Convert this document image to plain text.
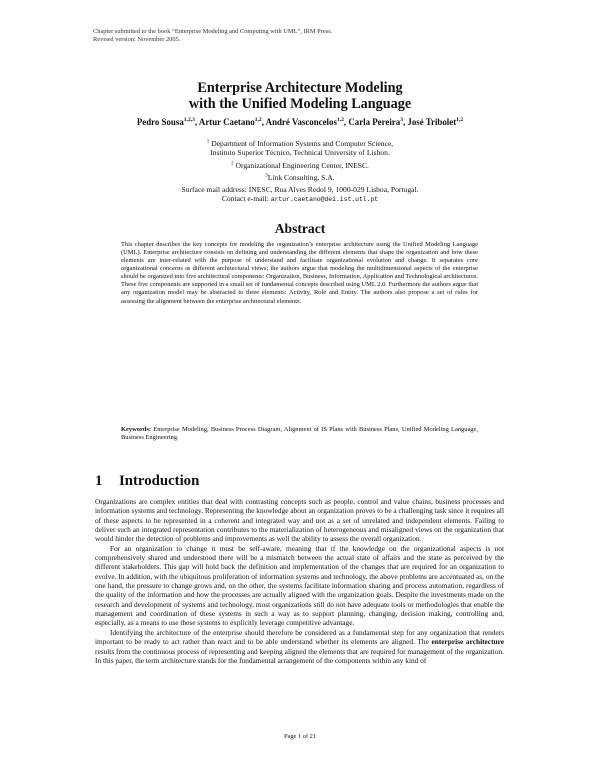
Chapter submitted to the book “Enterprise Modeling and Computing with UML”, IRM Press.
Revised version: November 2005.
Enterprise Architecture Modeling
with the Unified Modeling Language
Pedro Sousa$^{1,2,3}$, Artur Caetano$^{1,2}$, André Vasconcelos$^{1,2}$, Carla Pereira$^3$, José Tribolet$^{1,2}$
$^1$ Department of Information Systems and Computer Science,
Instituto Superior Técnico, Technical University of Lisbon.
$^2$ Organizational Engineering Center, INESC.
$^3$Link Consulting, S.A.
Surface mail address: INESC, Rua Alves Redol 9, 1000-029 Lisboa, Portugal.
Contact e-mail: artur.caetano@dei.ist.utl.pt
Abstract
This chapter describes the key concepts for modeling the organization’s enterprise architecture using the Unified Modeling Language (UML). Enterprise architecture consists on defining and understanding the different elements that shape the organization and how these elements are inter-related with the purpose of understand and facilitate organizational evolution and change. It separates core organizational concerns as different architectural views; the authors argue that modeling the multidimensional aspects of the enterprise should be organized into five architectural components: Organization, Business, Information, Application and Technological architectures. These five components are supported in a small set of fundamental concepts described using UML 2.0. Furthermore the authors argue that any organization model may be abstracted to three elements: Activity, Role and Entity. The authors also propose a set of rules for assessing the alignment between the enterprise architectural elements.
Keywords: Enterprise Modeling, Business Process Diagram, Alignment of IS Plans with Business Plans, Unified Modeling Language, Business Engineering.
1 Introduction

Organizations are complex entities that deal with contrasting concepts such as people, control and value chains, business processes and information systems and technology. Representing the knowledge about an organization proves to be a challenging task since it requires all of these aspects to be represented in a coherent and integrated way and not as a set of unrelated and independent elements. Failing to deliver such an integrated representation contributes to the materialization of heterogeneous and misaligned views on the organization that would hinder the detection of problems and improvements as well the ability to assess the overall organization.

For an organization to change it must be self-aware, meaning that if the knowledge on the organizational aspects is not comprehensively shared and understood there will be a mismatch between the actual state of affairs and the state as perceived by the different stakeholders. This gap will hold back the definition and implementation of the changes that are required for an organization to evolve. In addition, with the ubiquitous proliferation of information systems and technology, the above problems are accentuated as, on the one hand, the pressure to change grows and, on the other, the systems facilitate information sharing and process automation, regardless of the quality of the information and how the processes are actually aligned with the organization goals. Despite the investments made on the research and development of systems and technology, most organizations still do not have adequate tools or methodologies that enable the management and coordination of these systems in such a way as to support planning, changing, decision making, controlling and, especially, as a means to use these systems to explicitly leverage competitive advantage.

Identifying the architecture of the enterprise should therefore be considered as a fundamental step for any organization that renders important to be ready to act rather than react and to be able understand whether its elements are aligned. The enterprise architecture results from the continuous process of representing and keeping aligned the elements that are required for management of the organization. In this paper, the term architecture stands for the fundamental arrangement of the components within any kind of

Page 1 of 21
